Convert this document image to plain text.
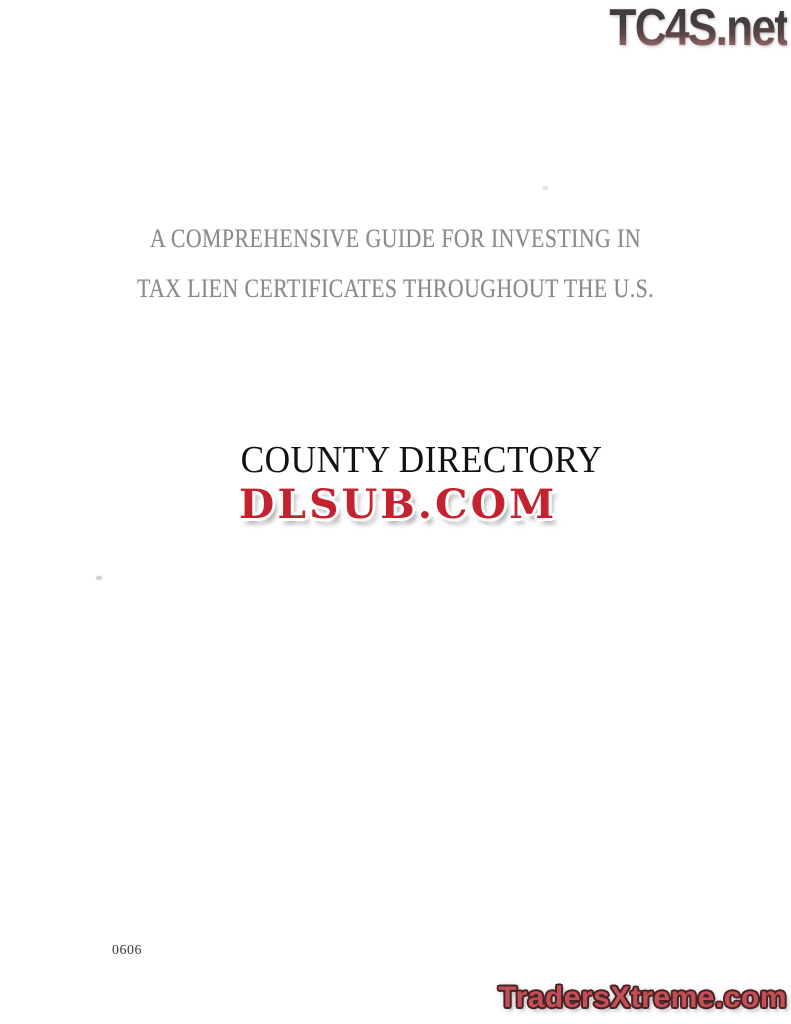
TC4S.net
A COMPREHENSIVE GUIDE FOR INVESTING IN
TAX LIEN CERTIFICATES THROUGHOUT THE U.S.
COUNTY DIRECTORY
DLSUB.COM
0606
TradersXtreme.com
